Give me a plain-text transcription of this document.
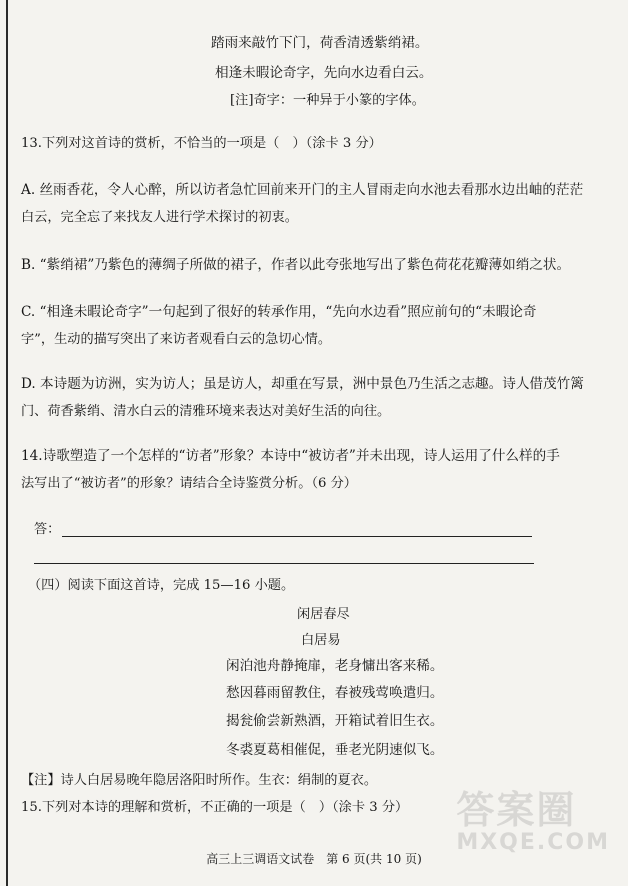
踏雨来敲竹下门，荷香清透紫绡裙。
相逢未暇论奇字，先向水边看白云。
[注]奇字：一种异于小篆的字体。
13.下列对这首诗的赏析，不恰当的一项是（　）（涂卡 3 分）
A. 丝雨香花，令人心醉，所以访者急忙回前来开门的主人冒雨走向水池去看那水边出岫的茫茫
白云，完全忘了来找友人进行学术探讨的初衷。
B. “紫绡裙”乃紫色的薄绸子所做的裙子，作者以此夸张地写出了紫色荷花花瓣薄如绡之状。
C. “相逢未暇论奇字”一句起到了很好的转承作用，“先向水边看”照应前句的“未暇论奇
字”，生动的描写突出了来访者观看白云的急切心情。
D. 本诗题为访洲，实为访人；虽是访人，却重在写景，洲中景色乃生活之志趣。诗人借茂竹篱
门、荷香紫绡、清水白云的清雅环境来表达对美好生活的向往。
14.诗歌塑造了一个怎样的“访者”形象？本诗中“被访者”并未出现，诗人运用了什么样的手
法写出了“被访者”的形象？请结合全诗鉴赏分析。（6 分）
答：
（四）阅读下面这首诗，完成 15—16 小题。
闲居春尽
白居易
闲泊池舟静掩扉，老身慵出客来稀。
愁因暮雨留教住，春被残莺唤遣归。
揭瓮偷尝新熟酒，开箱试着旧生衣。
冬裘夏葛相催促，垂老光阴速似飞。
【注】诗人白居易晚年隐居洛阳时所作。生衣：绢制的夏衣。
15.下列对本诗的理解和赏析，不正确的一项是（　）（涂卡 3 分）
高三上三调语文试卷　第 6 页(共 10 页)
答案圈
MXQE.COM
